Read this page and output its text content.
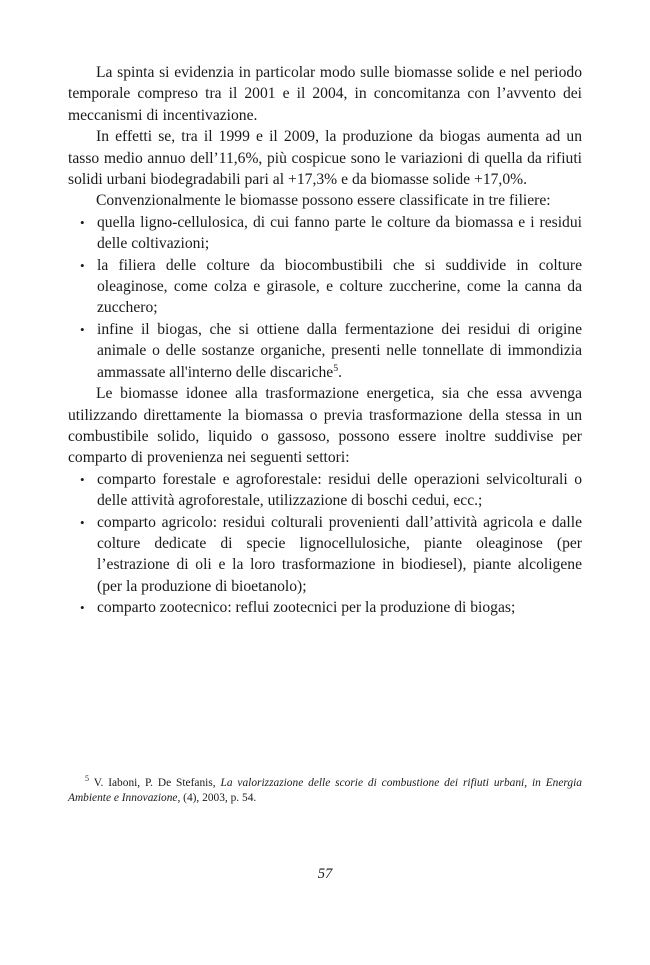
La spinta si evidenzia in particolar modo sulle biomasse solide e nel periodo temporale compreso tra il 2001 e il 2004, in concomitanza con l’avvento dei meccanismi di incentivazione.

In effetti se, tra il 1999 e il 2009, la produzione da biogas aumenta ad un tasso medio annuo dell’11,6%, più cospicue sono le variazioni di quella da rifiuti solidi urbani biodegradabili pari al +17,3% e da biomasse solide +17,0%.

Convenzionalmente le biomasse possono essere classificate in tre filiere:

• quella ligno-cellulosica, di cui fanno parte le colture da biomassa e i residui delle coltivazioni;
• la filiera delle colture da biocombustibili che si suddivide in colture oleaginose, come colza e girasole, e colture zuccherine, come la canna da zucchero;
• infine il biogas, che si ottiene dalla fermentazione dei residui di origine animale o delle sostanze organiche, presenti nelle tonnellate di immondizia ammassate all'interno delle discariche$^5$.

Le biomasse idonee alla trasformazione energetica, sia che essa avvenga utilizzando direttamente la biomassa o previa trasformazione della stessa in un combustibile solido, liquido o gassoso, possono essere inoltre suddivise per comparto di provenienza nei seguenti settori:

• comparto forestale e agroforestale: residui delle operazioni selvicolturali o delle attività agroforestale, utilizzazione di boschi cedui, ecc.;
• comparto agricolo: residui colturali provenienti dall’attività agricola e dalle colture dedicate di specie lignocellulosiche, piante oleaginose (per l’estrazione di oli e la loro trasformazione in biodiesel), piante alcoligene (per la produzione di bioetanolo);
• comparto zootecnico: reflui zootecnici per la produzione di biogas;

$^5$ V. Iaboni, P. De Stefanis, La valorizzazione delle scorie di combustione dei rifiuti urbani, in Energia Ambiente e Innovazione, (4), 2003, p. 54.

57
